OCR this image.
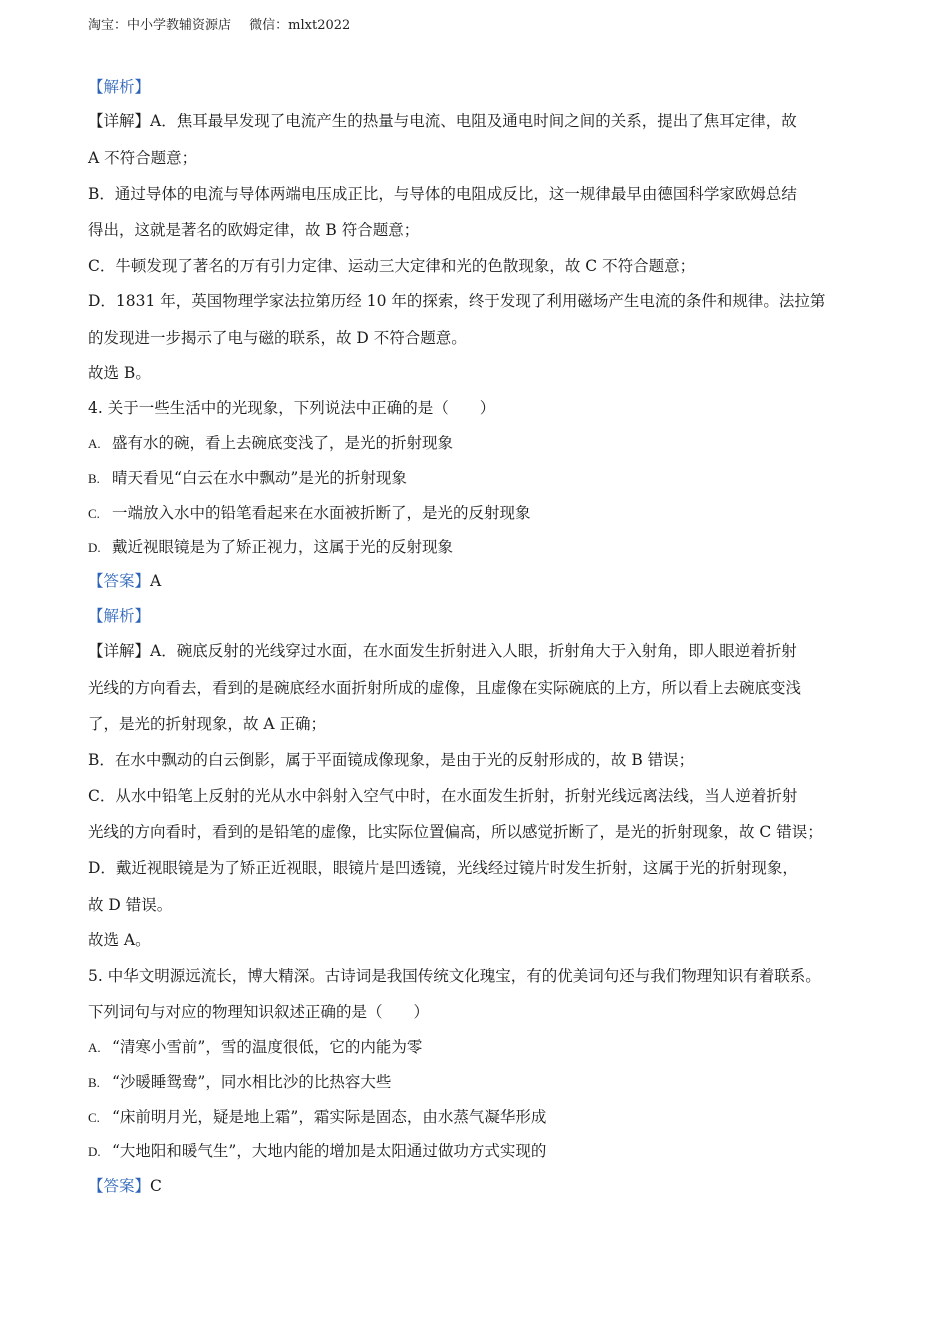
淘宝：中小学教辅资源店 微信：mlxt2022
【解析】
【详解】A．焦耳最早发现了电流产生的热量与电流、电阻及通电时间之间的关系，提出了焦耳定律，故
A 不符合题意；
B．通过导体的电流与导体两端电压成正比，与导体的电阻成反比，这一规律最早由德国科学家欧姆总结
得出，这就是著名的欧姆定律，故 B 符合题意；
C．牛顿发现了著名的万有引力定律、运动三大定律和光的色散现象，故 C 不符合题意；
D．1831 年，英国物理学家法拉第历经 10 年的探索，终于发现了利用磁场产生电流的条件和规律。法拉第
的发现进一步揭示了电与磁的联系，故 D 不符合题意。
故选 B。
4. 关于一些生活中的光现象，下列说法中正确的是（　　）
A. 盛有水的碗，看上去碗底变浅了，是光的折射现象
B. 晴天看见“白云在水中飘动”是光的折射现象
C. 一端放入水中的铅笔看起来在水面被折断了，是光的反射现象
D. 戴近视眼镜是为了矫正视力，这属于光的反射现象
【答案】A
【解析】
【详解】A．碗底反射的光线穿过水面，在水面发生折射进入人眼，折射角大于入射角，即人眼逆着折射
光线的方向看去，看到的是碗底经水面折射所成的虚像，且虚像在实际碗底的上方，所以看上去碗底变浅
了，是光的折射现象，故 A 正确；
B．在水中飘动的白云倒影，属于平面镜成像现象，是由于光的反射形成的，故 B 错误；
C．从水中铅笔上反射的光从水中斜射入空气中时，在水面发生折射，折射光线远离法线，当人逆着折射
光线的方向看时，看到的是铅笔的虚像，比实际位置偏高，所以感觉折断了，是光的折射现象，故 C 错误；
D．戴近视眼镜是为了矫正近视眼，眼镜片是凹透镜，光线经过镜片时发生折射，这属于光的折射现象，
故 D 错误。
故选 A。
5. 中华文明源远流长，博大精深。古诗词是我国传统文化瑰宝，有的优美词句还与我们物理知识有着联系。
下列词句与对应的物理知识叙述正确的是（　　）
A. “清寒小雪前”，雪的温度很低，它的内能为零
B. “沙暖睡鸳鸯”，同水相比沙的比热容大些
C. “床前明月光，疑是地上霜”，霜实际是固态，由水蒸气凝华形成
D. “大地阳和暖气生”，大地内能的增加是太阳通过做功方式实现的
【答案】C
